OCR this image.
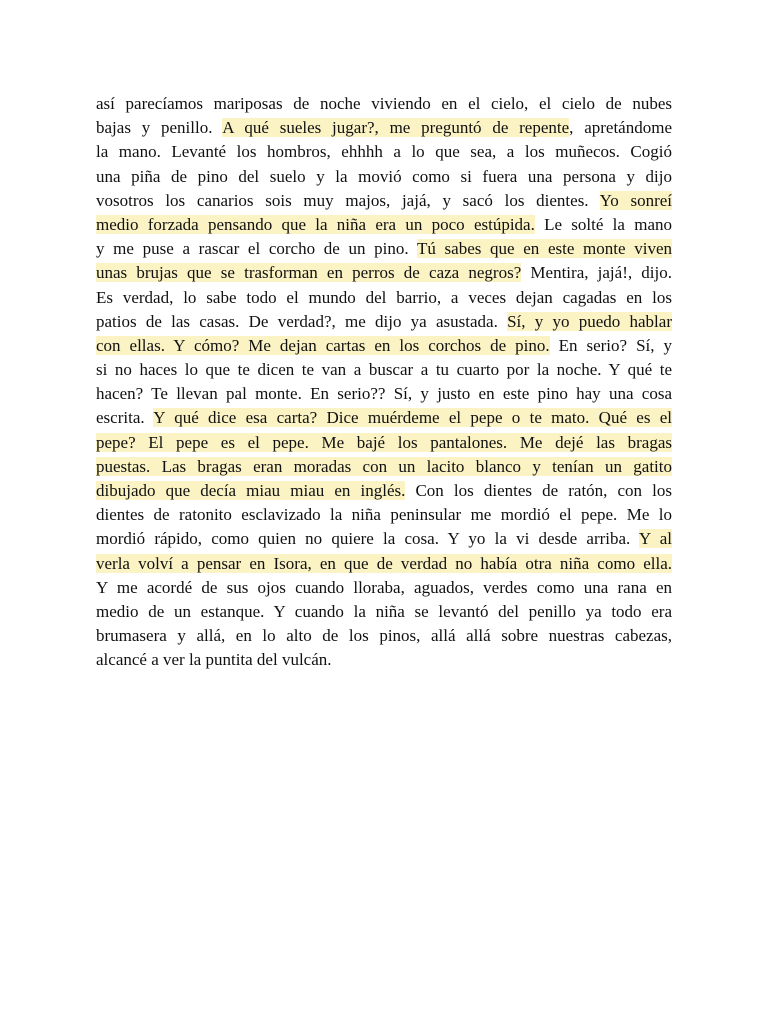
así parecíamos mariposas de noche viviendo en el cielo, el cielo de nubes
bajas y penillo. A qué sueles jugar?, me preguntó de repente, apretándome
la mano. Levanté los hombros, ehhhh a lo que sea, a los muñecos. Cogió
una piña de pino del suelo y la movió como si fuera una persona y dijo
vosotros los canarios sois muy majos, jajá, y sacó los dientes. Yo sonreí
medio forzada pensando que la niña era un poco estúpida. Le solté la mano
y me puse a rascar el corcho de un pino. Tú sabes que en este monte viven
unas brujas que se trasforman en perros de caza negros? Mentira, jajá!, dijo.
Es verdad, lo sabe todo el mundo del barrio, a veces dejan cagadas en los
patios de las casas. De verdad?, me dijo ya asustada. Sí, y yo puedo hablar
con ellas. Y cómo? Me dejan cartas en los corchos de pino. En serio? Sí, y
si no haces lo que te dicen te van a buscar a tu cuarto por la noche. Y qué te
hacen? Te llevan pal monte. En serio?? Sí, y justo en este pino hay una cosa
escrita. Y qué dice esa carta? Dice muérdeme el pepe o te mato. Qué es el
pepe? El pepe es el pepe. Me bajé los pantalones. Me dejé las bragas
puestas. Las bragas eran moradas con un lacito blanco y tenían un gatito
dibujado que decía miau miau en inglés. Con los dientes de ratón, con los
dientes de ratonito esclavizado la niña peninsular me mordió el pepe. Me lo
mordió rápido, como quien no quiere la cosa. Y yo la vi desde arriba. Y al
verla volví a pensar en Isora, en que de verdad no había otra niña como ella.
Y me acordé de sus ojos cuando lloraba, aguados, verdes como una rana en
medio de un estanque. Y cuando la niña se levantó del penillo ya todo era
brumasera y allá, en lo alto de los pinos, allá allá sobre nuestras cabezas,
alcancé a ver la puntita del vulcán.
